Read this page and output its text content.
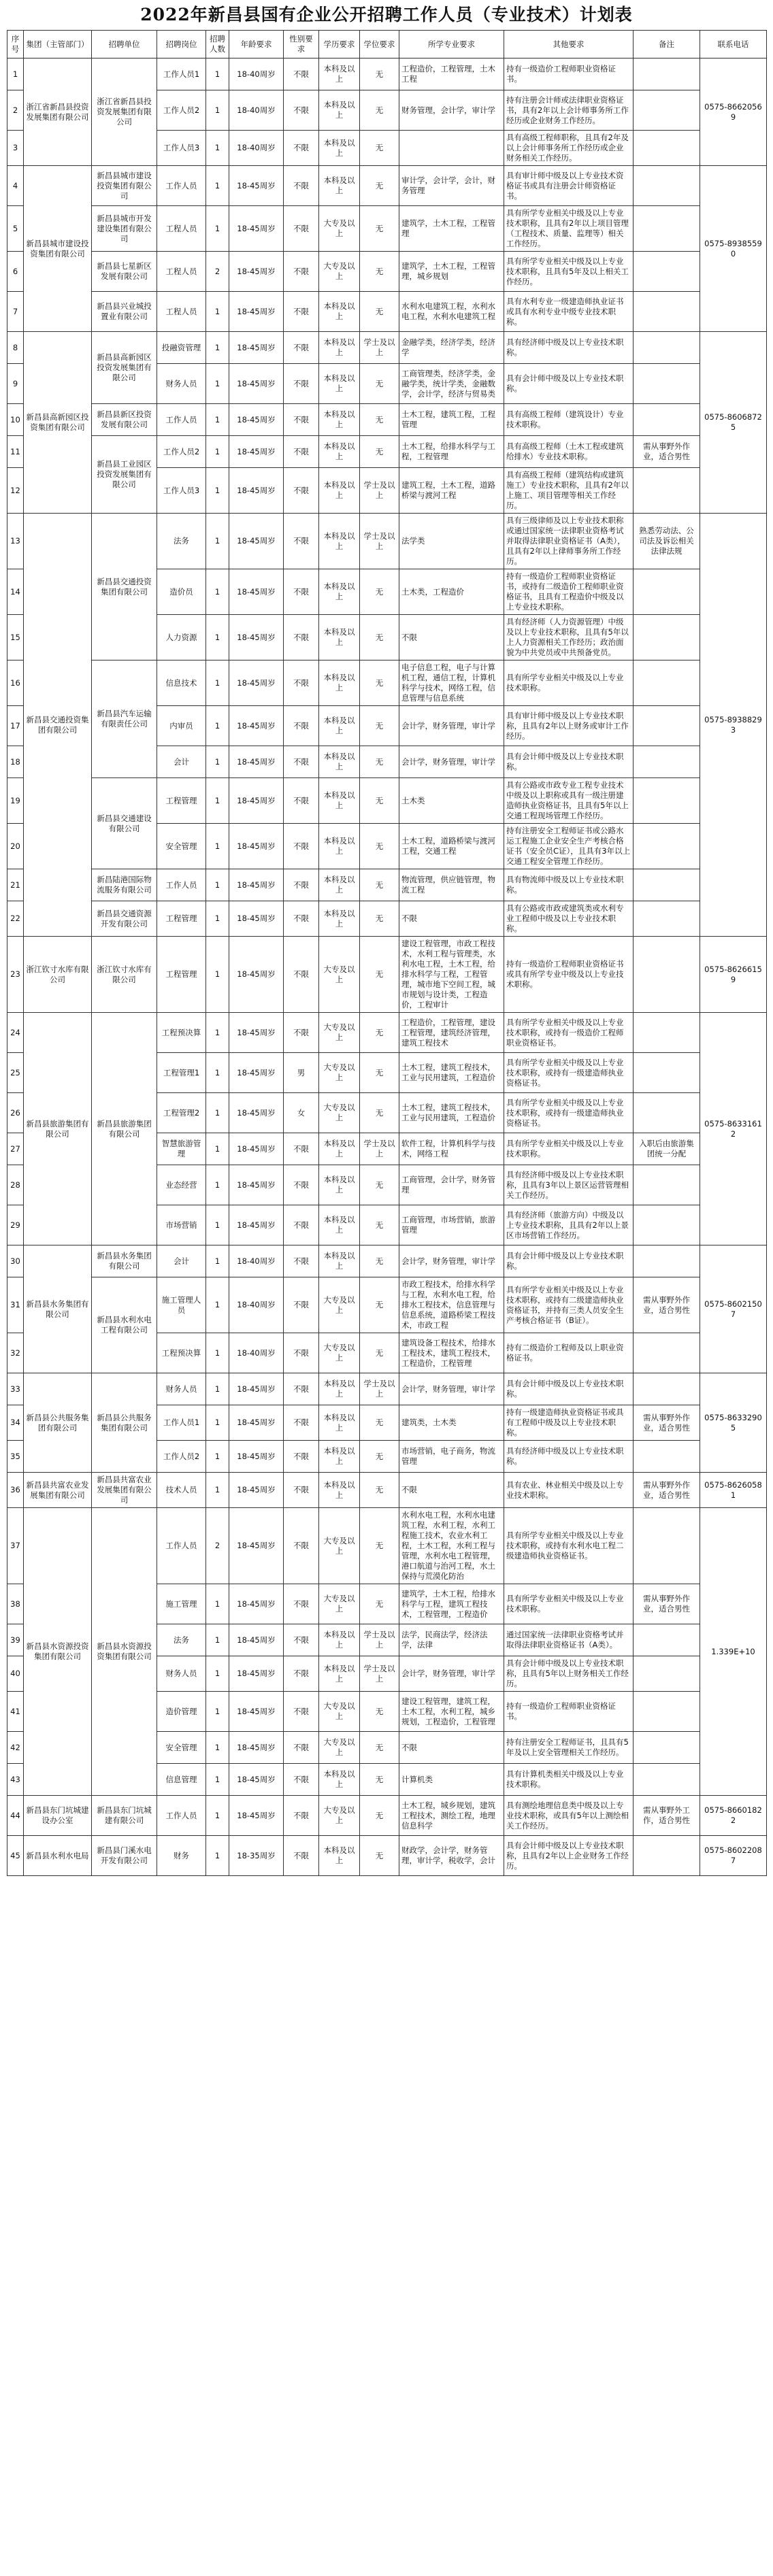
2022年新昌县国有企业公开招聘工作人员（专业技术）计划表
序号	集团（主管部门）	招聘单位	招聘岗位	招聘人数	年龄要求	性别要求	学历要求	学位要求	所学专业要求	其他要求	备注	联系电话
1	浙江省新昌县投资发展集团有限公司	浙江省新昌县投资发展集团有限公司	工作人员1	1	18-40周岁	不限	本科及以上	无	工程造价，工程管理，土木工程	持有一级造价工程师职业资格证书。		0575-86620569
2			工作人员2	1	18-40周岁	不限	本科及以上	无	财务管理，会计学，审计学	持有注册会计师或法律职业资格证书，具有2年以上会计师事务所工作经历或企业财务工作经历。		
3			工作人员3	1	18-40周岁	不限	本科及以上	无		具有高级工程师职称，且具有2年及以上会计师事务所工作经历或企业财务相关工作经历。		
4	新昌县城市建设投资集团有限公司	新昌县城市建设投资集团有限公司	工作人员	1	18-45周岁	不限	本科及以上	无	审计学，会计学，会计，财务管理	具有审计师中级及以上专业技术资格证书或具有注册会计师资格证书。		0575-89385590
5		新昌县城市开发建设集团有限公司	工程人员	1	18-45周岁	不限	大专及以上	无	建筑学，土木工程，工程管理	具有所学专业相关中级及以上专业技术职称，且具有2年以上项目管理（工程技术、质量、监理等）相关工作经历。		
6		新昌县七星新区发展有限公司	工程人员	2	18-45周岁	不限	大专及以上	无	建筑学，土木工程，工程管理，城乡规划	具有所学专业相关中级及以上专业技术职称，且具有5年及以上相关工作经历。		
7		新昌县兴业城投置业有限公司	工程人员	1	18-45周岁	不限	本科及以上	无	水利水电建筑工程，水利水电工程，水利水电建筑工程	具有水利专业一级建造师执业证书或具有水利专业中级专业技术职称。		
8	新昌县高新园区投资集团有限公司	新昌县高新园区投资发展集团有限公司	投融资管理	1	18-45周岁	不限	本科及以上	学士及以上	金融学类，经济学类，经济学	具有经济师中级及以上专业技术职称。		0575-86068725
9			财务人员	1	18-45周岁	不限	本科及以上	无	工商管理类，经济学类，金融学类，统计学类，金融数学，会计学，经济与贸易类	具有会计师中级及以上专业技术职称。		
10		新昌县新区投资发展有限公司	工作人员	1	18-45周岁	不限	本科及以上	无	土木工程，建筑工程，工程管理	具有高级工程师（建筑设计）专业技术职称。		
11		新昌县工业园区投资发展集团有限公司	工作人员2	1	18-45周岁	不限	本科及以上	无	土木工程，给排水科学与工程，工程管理	具有高级工程师（土木工程或建筑给排水）专业技术职称。	需从事野外作业，适合男性	
12			工作人员3	1	18-45周岁	不限	本科及以上	学士及以上	建筑工程，土木工程，道路桥梁与渡河工程	具有高级工程师（建筑结构或建筑施工）专业技术职称，且具有2年以上施工、项目管理等相关工作经历。		
13	新昌县交通投资集团有限公司	新昌县交通投资集团有限公司	法务	1	18-45周岁	不限	本科及以上	学士及以上	法学类	具有三级律师及以上专业技术职称或通过国家统一法律职业资格考试并取得法律职业资格证书（A类），且具有2年以上律师事务所工作经历。	熟悉劳动法、公司法及诉讼相关法律法规	0575-89388293
14			造价员	1	18-45周岁	不限	本科及以上	无	土木类，工程造价	持有一级造价工程师职业资格证书，或持有二级造价工程师职业资格证书，且具有工程造价中级及以上专业技术职称。		
15			人力资源	1	18-45周岁	不限	本科及以上	无	不限	具有经济师（人力资源管理）中级及以上专业技术职称，且具有5年以上人力资源相关工作经历；政治面貌为中共党员或中共预备党员。		
16		新昌县汽车运输有限责任公司	信息技术	1	18-45周岁	不限	本科及以上	无	电子信息工程，电子与计算机工程，通信工程，计算机科学与技术，网络工程，信息管理与信息系统	具有所学专业相关中级及以上专业技术职称。		
17			内审员	1	18-45周岁	不限	本科及以上	无	会计学，财务管理，审计学	具有审计师中级及以上专业技术职称，且具有2年以上财务或审计工作经历。		
18			会计	1	18-45周岁	不限	本科及以上	无	会计学，财务管理，审计学	具有会计师中级及以上专业技术职称。		
19		新昌县交通建设有限公司	工程管理	1	18-45周岁	不限	本科及以上	无	土木类	具有公路或市政专业工程专业技术中级及以上职称或具有一级注册建造师执业资格证书，且具有5年以上交通工程现场管理工作经历。		
20			安全管理	1	18-45周岁	不限	本科及以上	无	土木工程，道路桥梁与渡河工程，交通工程	持有注册安全工程师证书或公路水运工程施工企业安全生产考核合格证书（安全员C证），且具有3年以上交通工程安全管理工作经历。		
21		新昌陆港国际物流服务有限公司	工作人员	1	18-45周岁	不限	本科及以上	无	物流管理，供应链管理，物流工程	具有物流师中级及以上专业技术职称。		
22		新昌县交通资源开发有限公司	工程管理	1	18-45周岁	不限	本科及以上	无	不限	具有公路或市政或建筑类或水利专业工程师中级及以上专业技术职称。		
23	浙江钦寸水库有限公司	浙江钦寸水库有限公司	工程管理	1	18-45周岁	不限	大专及以上	无	建设工程管理，市政工程技术，水利工程与管理类，水利水电工程，土木工程，给排水科学与工程，工程管理，城市地下空间工程，城市规划与设计类，工程造价，工程审计	持有一级造价工程师职业资格证书或具有所学专业中级及以上专业技术职称。		0575-86266159
24	新昌县旅游集团有限公司	新昌县旅游集团有限公司	工程预决算	1	18-45周岁	不限	大专及以上	无	工程造价，工程管理，建设工程管理，建筑经济管理，建筑工程技术	具有所学专业相关中级及以上专业技术职称，或持有一级造价工程师职业资格证书。		0575-86331612
25			工程管理1	1	18-45周岁	男	大专及以上	无	土木工程，建筑工程技术，工业与民用建筑，工程造价	具有所学专业相关中级及以上专业技术职称，或持有一级建造师执业资格证书。		
26			工程管理2	1	18-45周岁	女	大专及以上	无	土木工程，建筑工程技术，工业与民用建筑，工程造价	具有所学专业相关中级及以上专业技术职称，或持有一级建造师执业资格证书。		
27			智慧旅游管理	1	18-45周岁	不限	本科及以上	学士及以上	软件工程，计算机科学与技术，网络工程	具有所学专业相关中级及以上专业技术职称。	入职后由旅游集团统一分配	
28			业态经营	1	18-45周岁	不限	本科及以上	无	工商管理，会计学，财务管理	具有经济师中级及以上专业技术职称，且具有3年以上景区运营管理相关工作经历。		
29			市场营销	1	18-45周岁	不限	本科及以上	无	工商管理，市场营销，旅游管理	具有经济师（旅游方向）中级及以上专业技术职称，且具有2年以上景区市场营销工作经历。		
30	新昌县水务集团有限公司	新昌县水务集团有限公司	会计	1	18-40周岁	不限	本科及以上	无	会计学，财务管理，审计学	具有会计师中级及以上专业技术职称。		0575-86021507
31		新昌县水利水电工程有限公司	施工管理人员	1	18-40周岁	不限	大专及以上	无	市政工程技术，给排水科学与工程，水利水电工程，给排水工程技术，信息管理与信息系统，道路桥梁工程技术，市政工程	具有所学专业相关中级及以上专业技术职称，或持有二级建造师执业资格证书，并持有三类人员安全生产考核合格证书（B证）。	需从事野外作业，适合男性	
32			工程预决算	1	18-40周岁	不限	大专及以上	无	建筑设备工程技术，给排水工程技术，建筑工程技术，工程造价，工程管理	持有二级造价工程师及以上职业资格证书。		
33	新昌县公共服务集团有限公司	新昌县公共服务集团有限公司	财务人员	1	18-45周岁	不限	本科及以上	学士及以上	会计学，财务管理，审计学	具有会计师中级及以上专业技术职称。		0575-86332905
34			工作人员1	1	18-45周岁	不限	本科及以上	无	建筑类，土木类	持有一级建造师执业资格证书或具有工程师中级及以上专业技术职称。	需从事野外作业，适合男性	
35			工作人员2	1	18-45周岁	不限	本科及以上	无	市场营销，电子商务，物流管理	具有经济师中级及以上专业技术职称。		
36	新昌县共富农业发展集团有限公司	新昌县共富农业发展集团有限公司	技术人员	1	18-45周岁	不限	本科及以上	无	不限	具有农业、林业相关中级及以上专业技术职称。	需从事野外作业，适合男性	0575-86260581
37	新昌县水资源投资集团有限公司	新昌县水资源投资集团有限公司	工作人员	2	18-45周岁	不限	大专及以上	无	水利水电工程，水利水电建筑工程，水利工程，水利工程施工技术，农业水利工程，土木工程，水利工程与管理，水利水电工程管理，港口航道与治河工程，水土保持与荒漠化防治	具有所学专业相关中级及以上专业技术职称，或持有水利水电工程二级建造师执业资格证书。		1.339E+10
38			施工管理	1	18-45周岁	不限	大专及以上	无	建筑学，土木工程，给排水科学与工程，建筑工程技术，工程管理，工程造价	具有所学专业相关中级及以上专业技术职称。	需从事野外作业，适合男性	
39			法务	1	18-45周岁	不限	本科及以上	学士及以上	法学，民商法学，经济法学，法律	通过国家统一法律职业资格考试并取得法律职业资格证书（A类）。		
40			财务人员	1	18-45周岁	不限	本科及以上	学士及以上	会计学，财务管理，审计学	具有会计师中级及以上专业技术职称，且具有5年以上财务相关工作经历。		
41			造价管理	1	18-45周岁	不限	大专及以上	无	建设工程管理，建筑工程，土木工程，水利工程，城乡规划，工程造价，工程管理	持有一级造价工程师职业资格证书。		
42			安全管理	1	18-45周岁	不限	大专及以上	无	不限	持有注册安全工程师证书，且具有5年及以上安全管理相关工作经历。		
43			信息管理	1	18-45周岁	不限	本科及以上	无	计算机类	具有计算机类相关中级及以上专业技术职称。		
44	新昌县东门坑城建设办公室	新昌县东门坑城建有限公司	工作人员	1	18-45周岁	不限	大专及以上	无	土木工程，城乡规划，建筑工程技术，测绘工程，地理信息科学	具有测绘地理信息类中级及以上专业技术职称，或具有5年以上测绘相关工作经历。	需从事野外工作，适合男性	0575-86601822
45	新昌县水利水电局	新昌县门溪水电开发有限公司	财务	1	18-35周岁	不限	本科及以上	无	财政学，会计学，财务管理，审计学，税收学，会计	具有会计师中级及以上专业技术职称，且具有2年以上企业财务工作经历。		0575-86022087
